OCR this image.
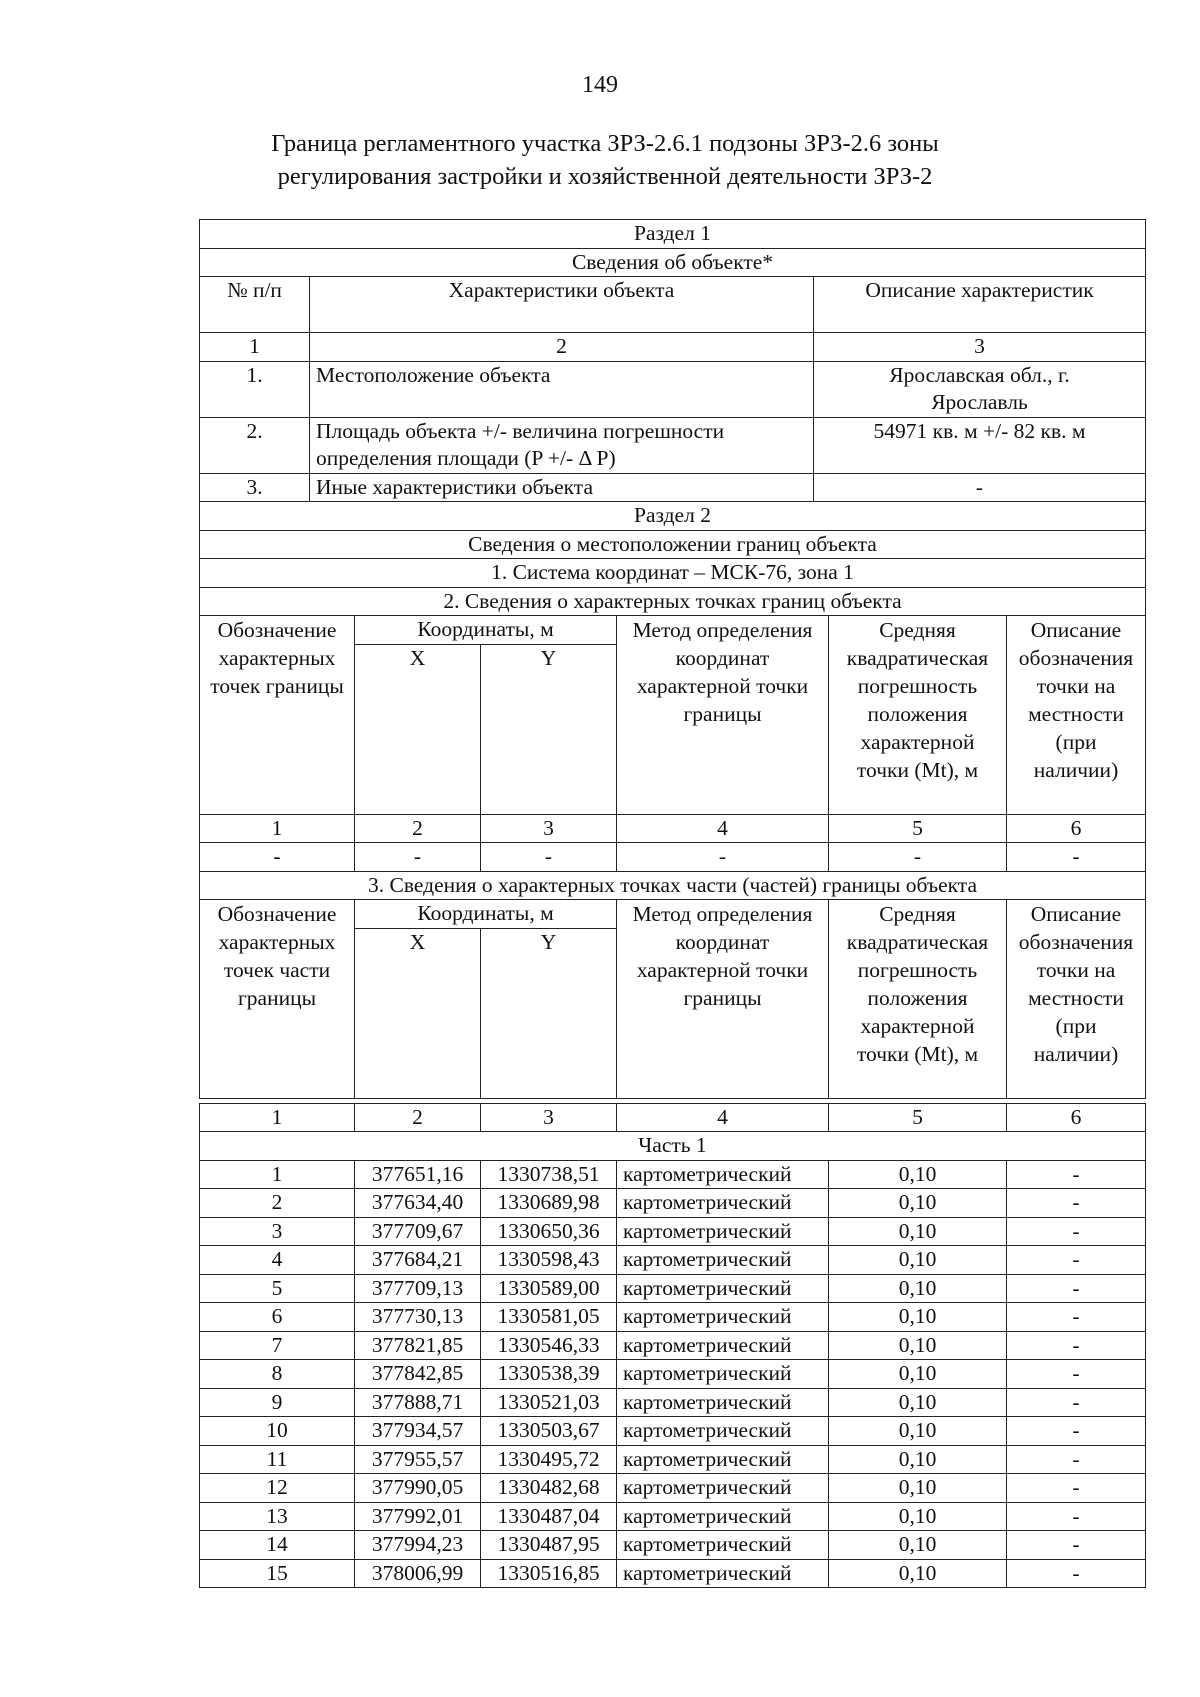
149
Граница регламентного участка ЗРЗ-2.6.1 подзоны ЗРЗ-2.6 зоны
регулирования застройки и хозяйственной деятельности ЗРЗ-2
Раздел 1		
Сведения об объекте*		
№ п/п	Характеристики объекта	Описание характеристик
1	2	3
1.	Местоположение объекта	Ярославская обл., г. Ярославль
2.	Площадь объекта +/- величина погрешности определения площади (P +/- Δ P)	54971 кв. м +/- 82 кв. м
3.	Иные характеристики объекта	-
Раздел 2		
Сведения о местоположении границ объекта		
1. Система координат – МСК-76, зона 1		
2. Сведения о характерных точках границ объекта		
Обозначение характерных точек границы	Координаты, м		Метод определения координат характерной точки границы	Средняя квадратическая погрешность положения характерной точки (Mt), м	Описание обозначения точки на местности (при наличии)
	X	Y			
1	2	3	4	5	6
-	-	-	-	-	-
3. Сведения о характерных точках части (частей) границы объекта					
Обозначение характерных точек части границы	Координаты, м		Метод определения координат характерной точки границы	Средняя квадратическая погрешность положения характерной точки (Mt), м	Описание обозначения точки на местности (при наличии)
	X	Y			
1	2	3	4	5	6
Часть 1					
1	377651,16	1330738,51	картометрический	0,10	-
2	377634,40	1330689,98	картометрический	0,10	-
3	377709,67	1330650,36	картометрический	0,10	-
4	377684,21	1330598,43	картометрический	0,10	-
5	377709,13	1330589,00	картометрический	0,10	-
6	377730,13	1330581,05	картометрический	0,10	-
7	377821,85	1330546,33	картометрический	0,10	-
8	377842,85	1330538,39	картометрический	0,10	-
9	377888,71	1330521,03	картометрический	0,10	-
10	377934,57	1330503,67	картометрический	0,10	-
11	377955,57	1330495,72	картометрический	0,10	-
12	377990,05	1330482,68	картометрический	0,10	-
13	377992,01	1330487,04	картометрический	0,10	-
14	377994,23	1330487,95	картометрический	0,10	-
15	378006,99	1330516,85	картометрический	0,10	-
